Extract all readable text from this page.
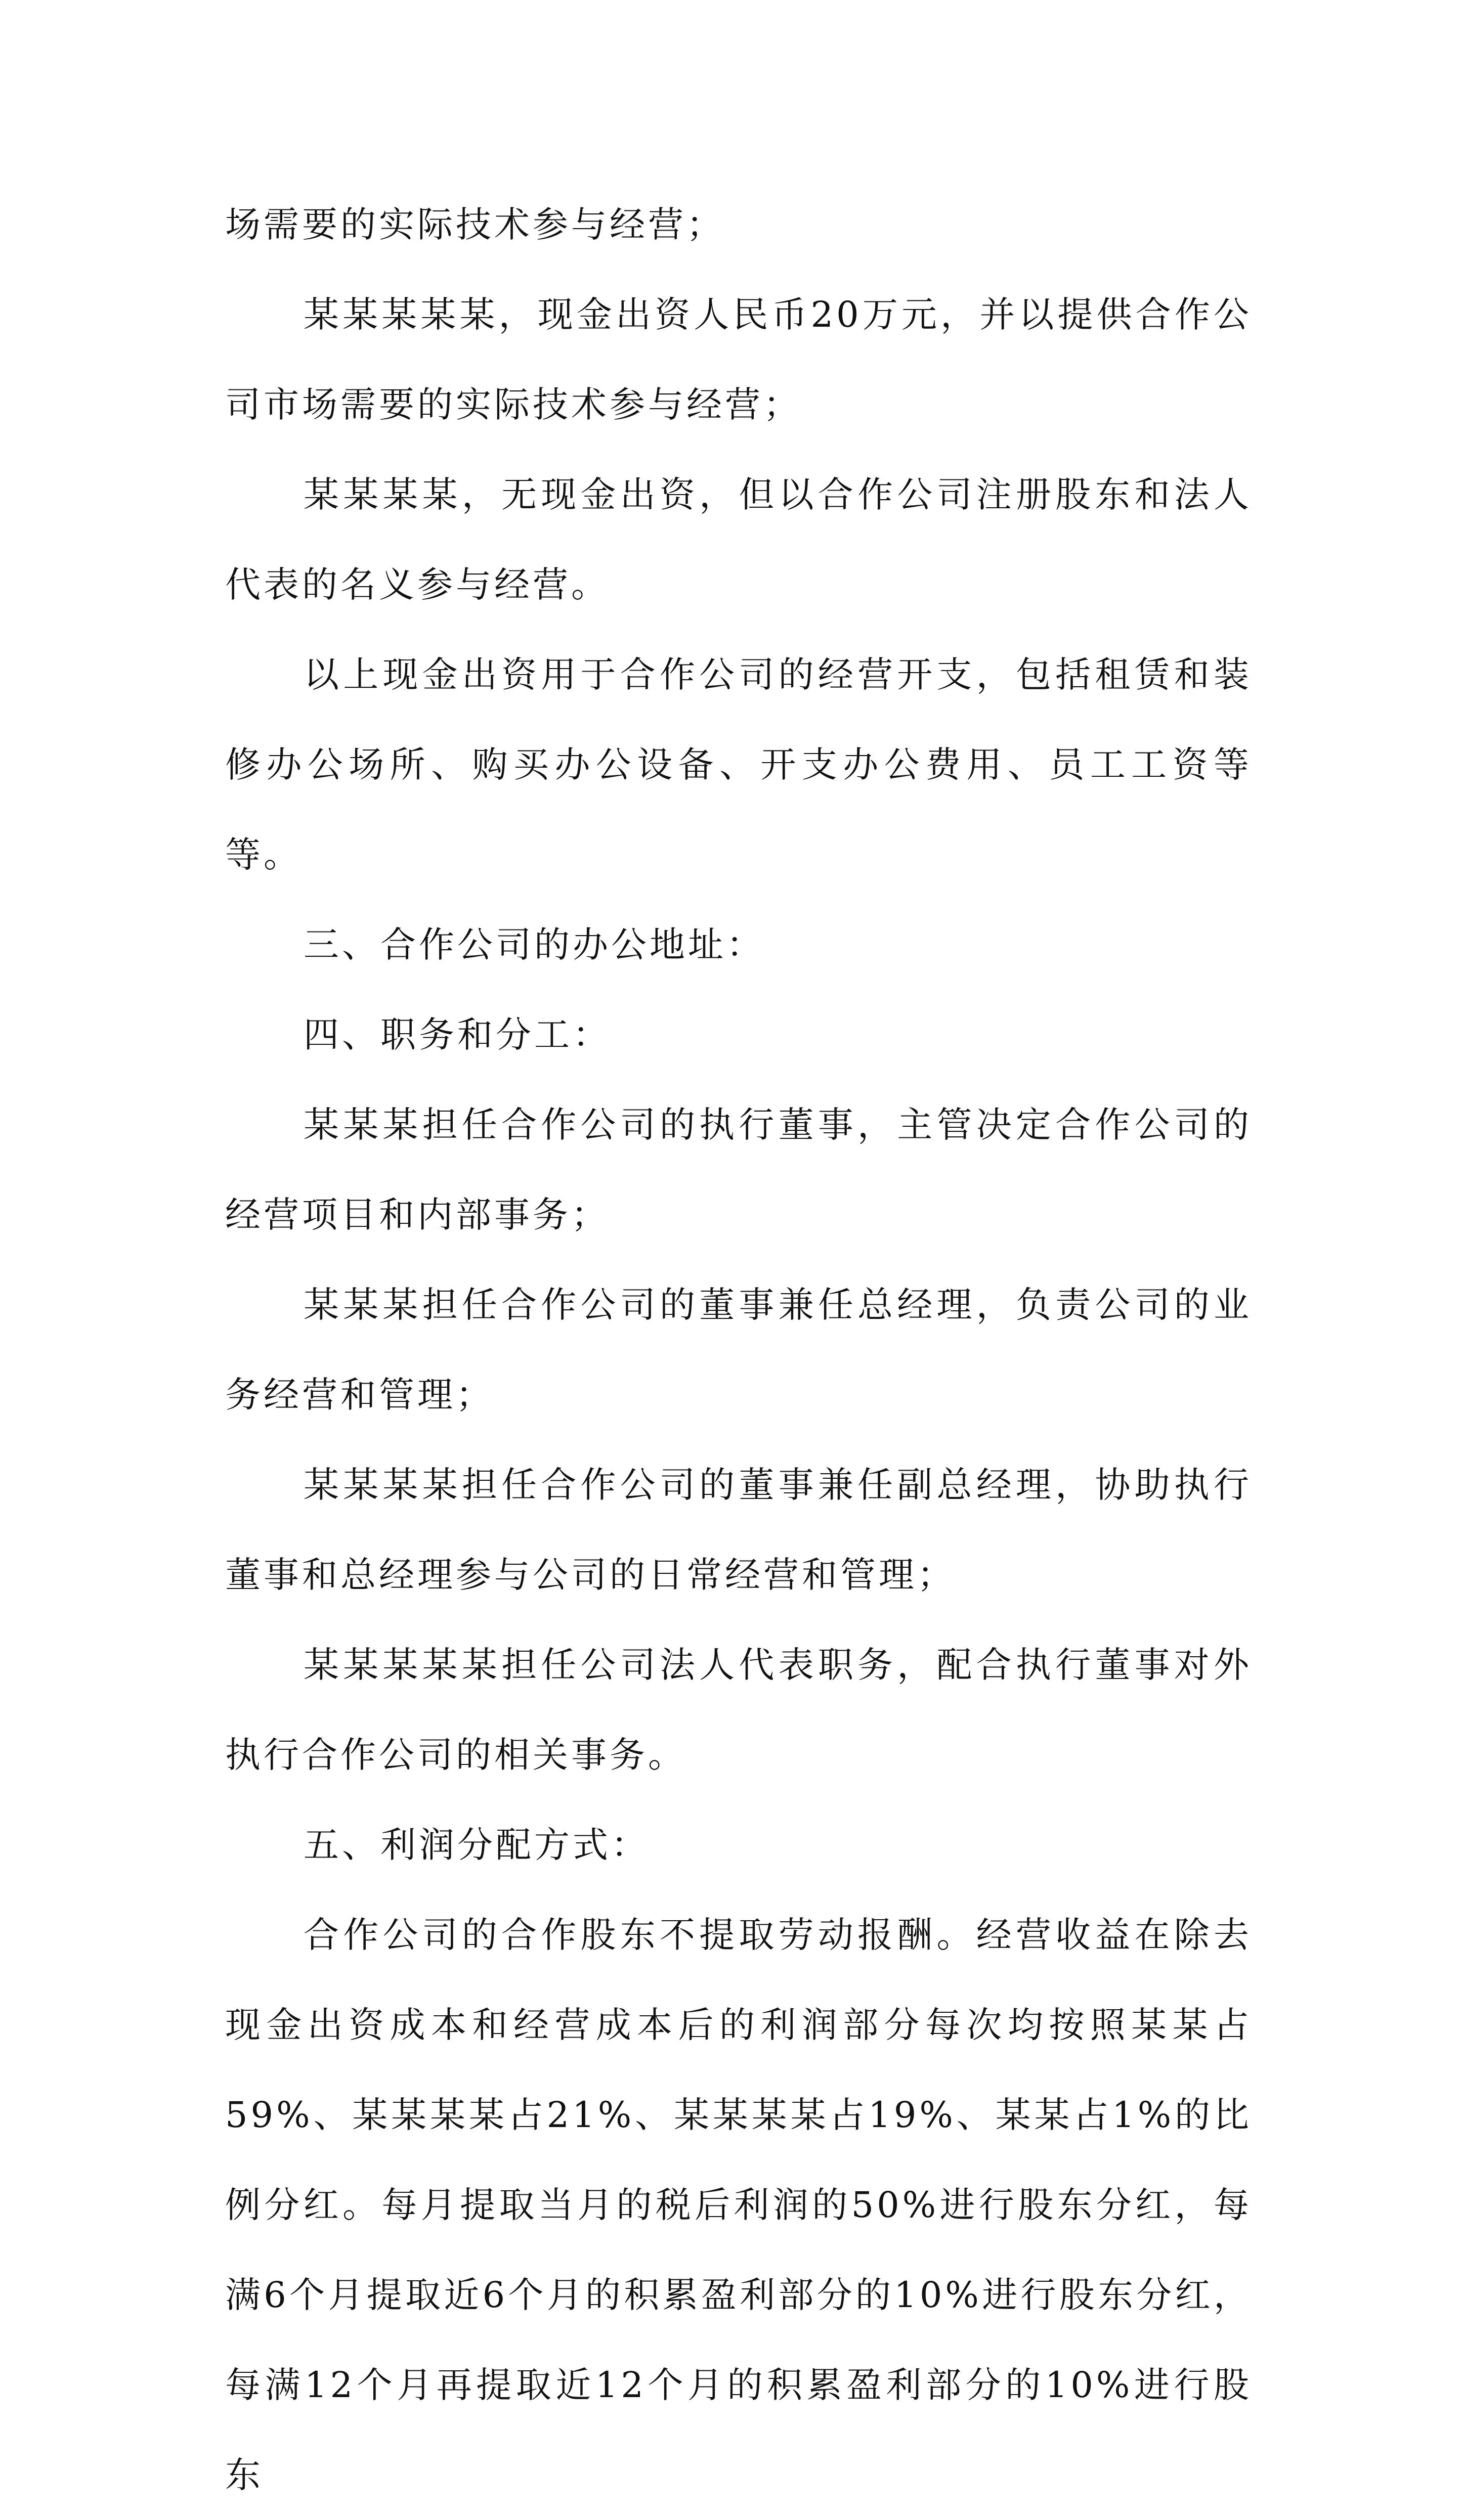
场需要的实际技术参与经营；

某某某某某，现金出资人民币20万元，并以提供合作公司市场需要的实际技术参与经营；

某某某某，无现金出资，但以合作公司注册股东和法人代表的名义参与经营。

以上现金出资用于合作公司的经营开支，包括租赁和装修办公场所、购买办公设备、开支办公费用、员工工资等等。

三、合作公司的办公地址：

四、职务和分工：

某某某担任合作公司的执行董事，主管决定合作公司的经营项目和内部事务；

某某某担任合作公司的董事兼任总经理，负责公司的业务经营和管理；

某某某某担任合作公司的董事兼任副总经理，协助执行董事和总经理参与公司的日常经营和管理；

某某某某某担任公司法人代表职务，配合执行董事对外执行合作公司的相关事务。

五、利润分配方式：

合作公司的合作股东不提取劳动报酬。经营收益在除去现金出资成本和经营成本后的利润部分每次均按照某某占59%、某某某某占21%、某某某某占19%、某某占1%的比例分红。每月提取当月的税后利润的50%进行股东分红，每满6个月提取近6个月的积累盈利部分的10%进行股东分红，每满12个月再提取近12个月的积累盈利部分的10%进行股东
